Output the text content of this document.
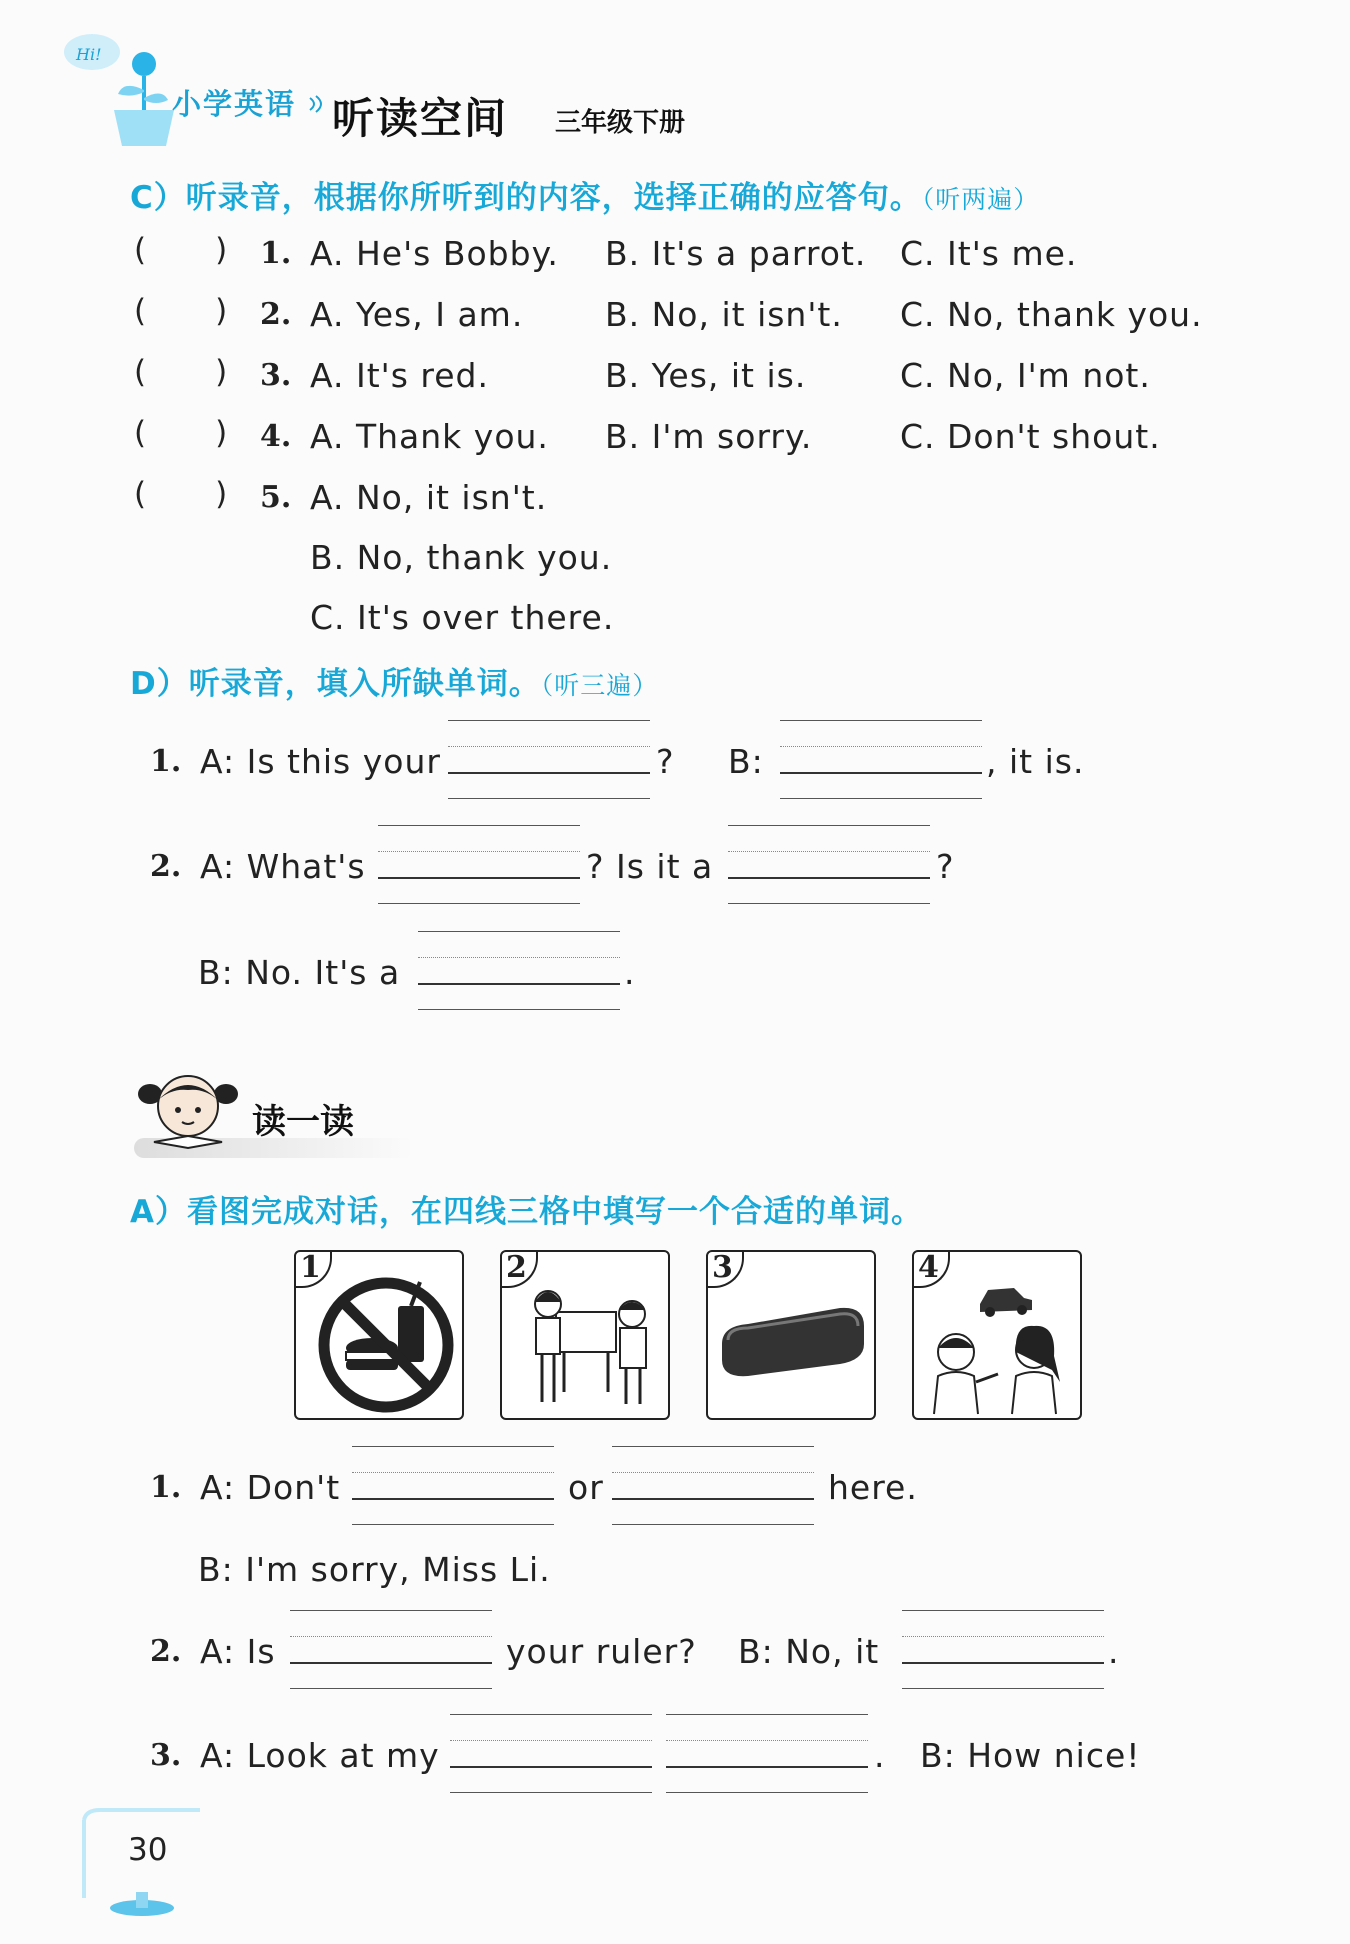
Hi!
小学英语 听读空间 三年级下册
C）听录音，根据你所听到的内容，选择正确的应答句。（听两遍）
(       ) 1. A. He's Bobby. B. It's a parrot. C. It's me.
(       ) 2. A. Yes, I am. B. No, it isn't. C. No, thank you.
(       ) 3. A. It's red.	B. Yes, it is.	C. No, I'm not.
(       ) 4. A. Thank you. B. I'm sorry.	C. Don't shout.
(       ) 5. A. No, it isn't.
B. No, thank you.
C. It's over there.
D）听录音，填入所缺单词。（听三遍）
1. A: Is this your	? B:	, it is.
2. A: What's	? Is it a	?
B: No. It's a	.
读一读
A）看图完成对话，在四线三格中填写一个合适的单词。
1	2	3	4
1. A: Don't	or	here.
B: I'm sorry, Miss Li.
2. A: Is	your ruler? B: No, it	.
3. A: Look at my	. B: How nice!
30
